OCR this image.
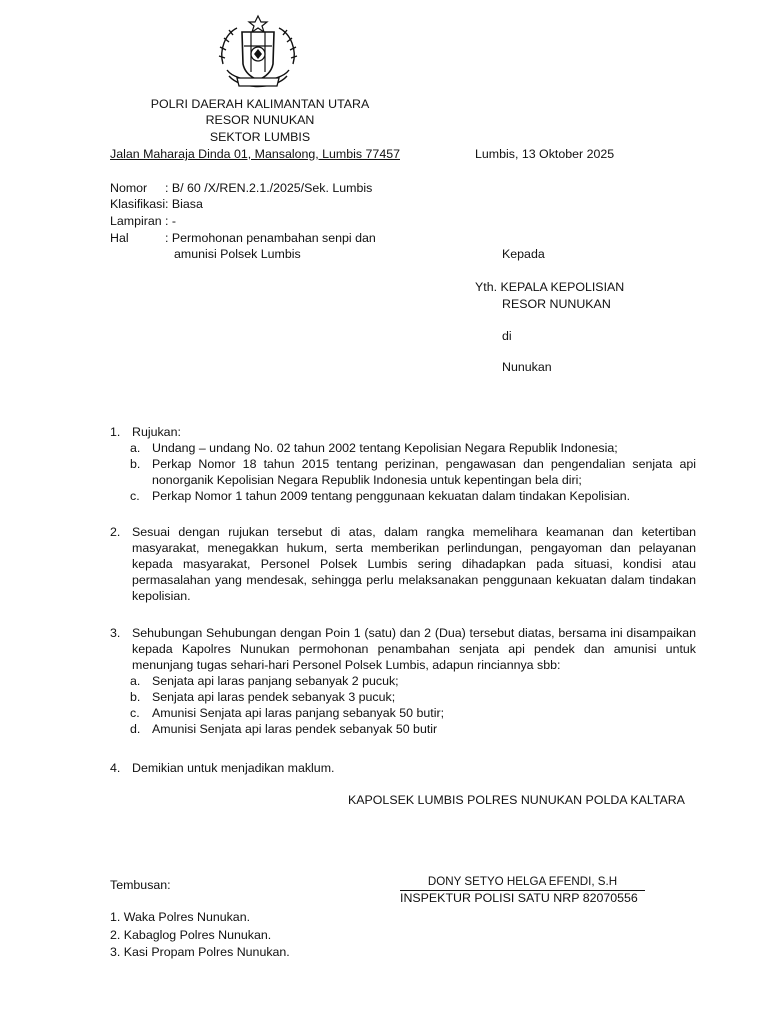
POLRI DAERAH KALIMANTAN UTARA
RESOR NUNUKAN
SEKTOR LUMBIS
Jalan Maharaja Dinda 01, Mansalong, Lumbis 77457	Lumbis, 13 Oktober 2025
Nomor : B/ 60 /X/REN.2.1./2025/Sek. Lumbis
Klasifikasi : Biasa
Lampiran : -
Hal	: Permohonan penambahan senpi dan
amunisi Polsek Lumbis	Kepada
Yth. KEPALA KEPOLISIAN
RESOR NUNUKAN
di
Nunukan
1. Rujukan:
a. Undang – undang No. 02 tahun 2002 tentang Kepolisian Negara Republik Indonesia;
b. Perkap Nomor 18 tahun 2015 tentang perizinan, pengawasan dan pengendalian senjata api nonorganik Kepolisian Negara Republik Indonesia untuk kepentingan bela diri;
c. Perkap Nomor 1 tahun 2009 tentang penggunaan kekuatan dalam tindakan Kepolisian.
2. Sesuai dengan rujukan tersebut di atas, dalam rangka memelihara keamanan dan ketertiban masyarakat, menegakkan hukum, serta memberikan perlindungan, pengayoman dan pelayanan kepada masyarakat, Personel Polsek Lumbis sering dihadapkan pada situasi, kondisi atau permasalahan yang mendesak, sehingga perlu melaksanakan penggunaan kekuatan dalam tindakan kepolisian.
3. Sehubungan Sehubungan dengan Poin 1 (satu) dan 2 (Dua) tersebut diatas, bersama ini disampaikan kepada Kapolres Nunukan permohonan penambahan senjata api pendek dan amunisi untuk menunjang tugas sehari-hari Personel Polsek Lumbis, adapun rinciannya sbb:
a. Senjata api laras panjang sebanyak 2 pucuk;
b. Senjata api laras pendek sebanyak 3 pucuk;
c. Amunisi Senjata api laras panjang sebanyak 50 butir;
d. Amunisi Senjata api laras pendek sebanyak 50 butir
4. Demikian untuk menjadikan maklum.
KAPOLSEK LUMBIS POLRES NUNUKAN POLDA KALTARA
DONY SETYO HELGA EFENDI, S.H
INSPEKTUR POLISI SATU NRP 82070556
Tembusan:
1. Waka Polres Nunukan.
2. Kabaglog Polres Nunukan.
3. Kasi Propam Polres Nunukan.
